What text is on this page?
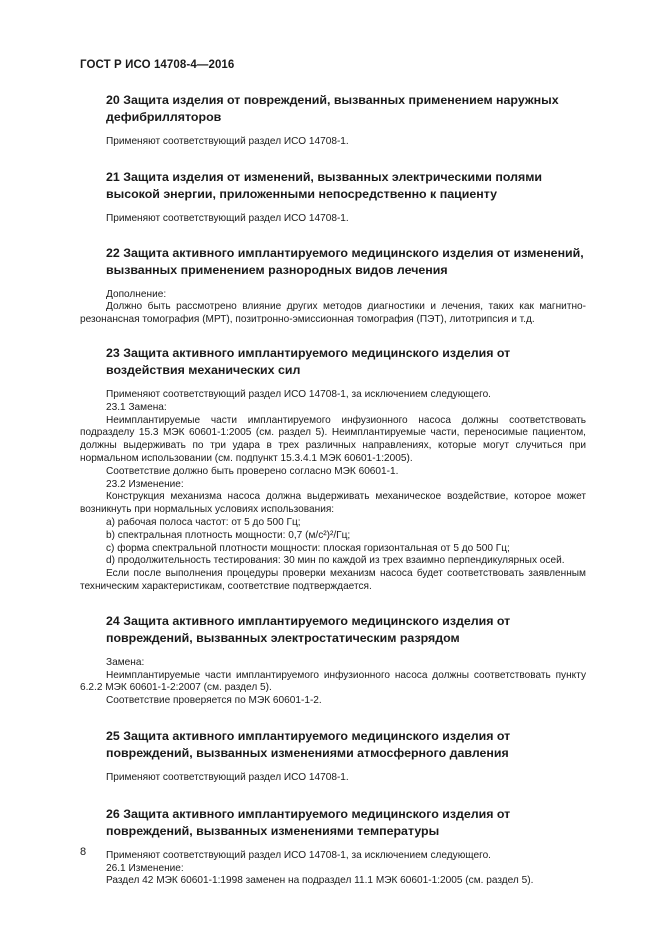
ГОСТ Р ИСО 14708-4—2016
20 Защита изделия от повреждений, вызванных применением наружных дефибрилляторов

Применяют соответствующий раздел ИСО 14708-1.

21 Защита изделия от изменений, вызванных электрическими полями высокой энергии, приложенными непосредственно к пациенту

Применяют соответствующий раздел ИСО 14708-1.

22 Защита активного имплантируемого медицинского изделия от изменений, вызванных применением разнородных видов лечения

Дополнение:

Должно быть рассмотрено влияние других методов диагностики и лечения, таких как магнитно-резонансная томография (МРТ), позитронно-эмиссионная томография (ПЭТ), литотрипсия и т.д.

23 Защита активного имплантируемого медицинского изделия от воздействия механических сил

Применяют соответствующий раздел ИСО 14708-1, за исключением следующего.

23.1 Замена:

Неимплантируемые части имплантируемого инфузионного насоса должны соответствовать подразделу 15.3 МЭК 60601-1:2005 (см. раздел 5). Неимплантируемые части, переносимые пациентом, должны выдерживать по три удара в трех различных направлениях, которые могут случиться при нормальном использовании (см. подпункт 15.3.4.1 МЭК 60601-1:2005).

Соответствие должно быть проверено согласно МЭК 60601-1.

23.2 Изменение:

Конструкция механизма насоса должна выдерживать механическое воздействие, которое может возникнуть при нормальных условиях использования:

a) рабочая полоса частот: от 5 до 500 Гц;

b) спектральная плотность мощности: 0,7 (м/с²)²/Гц;

c) форма спектральной плотности мощности: плоская горизонтальная от 5 до 500 Гц;

d) продолжительность тестирования: 30 мин по каждой из трех взаимно перпендикулярных осей.

Если после выполнения процедуры проверки механизм насоса будет соответствовать заявленным техническим характеристикам, соответствие подтверждается.

24 Защита активного имплантируемого медицинского изделия от повреждений, вызванных электростатическим разрядом

Замена:

Неимплантируемые части имплантируемого инфузионного насоса должны соответствовать пункту 6.2.2 МЭК 60601-1-2:2007 (см. раздел 5).

Соответствие проверяется по МЭК 60601-1-2.

25 Защита активного имплантируемого медицинского изделия от повреждений, вызванных изменениями атмосферного давления

Применяют соответствующий раздел ИСО 14708-1.

26 Защита активного имплантируемого медицинского изделия от повреждений, вызванных изменениями температуры

Применяют соответствующий раздел ИСО 14708-1, за исключением следующего.

26.1 Изменение:

Раздел 42 МЭК 60601-1:1998 заменен на подраздел 11.1 МЭК 60601-1:2005 (см. раздел 5).

8
